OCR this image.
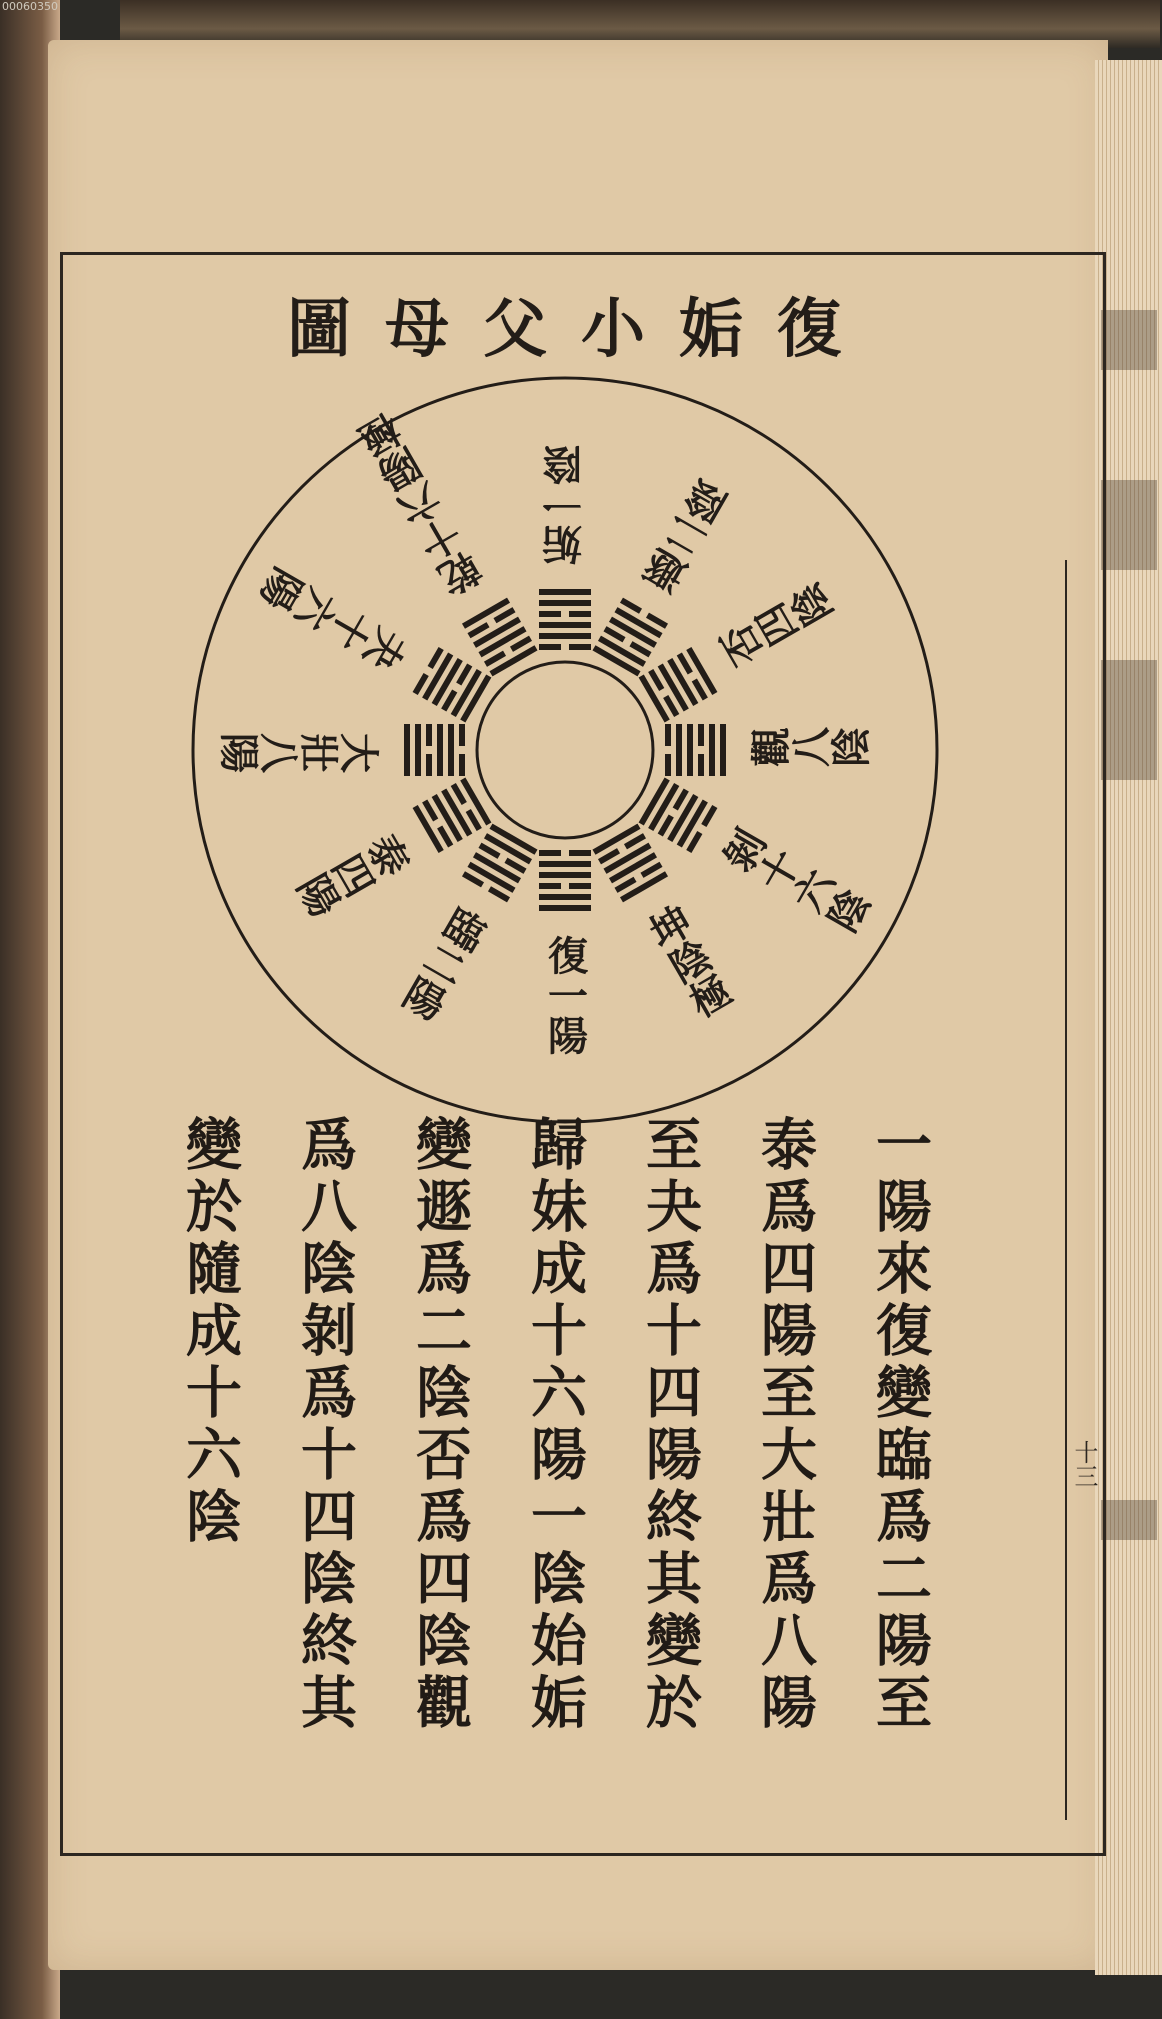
00060350
十三
復姤小父母圖
復一陽
臨二陽
泰四陽
大壯八陽
夬十六陽
乾十六陽極 姤一陰 遯二陰
否四陰
觀八陰
剝十六陰
坤陰極
一陽來復變臨爲二陽至
泰爲四陽至大壯爲八陽
至夬爲十四陽終其變於
歸妹成十六陽一陰始姤
變遯爲二陰否爲四陰觀
爲八陰剝爲十四陰終其
變於隨成十六陰
